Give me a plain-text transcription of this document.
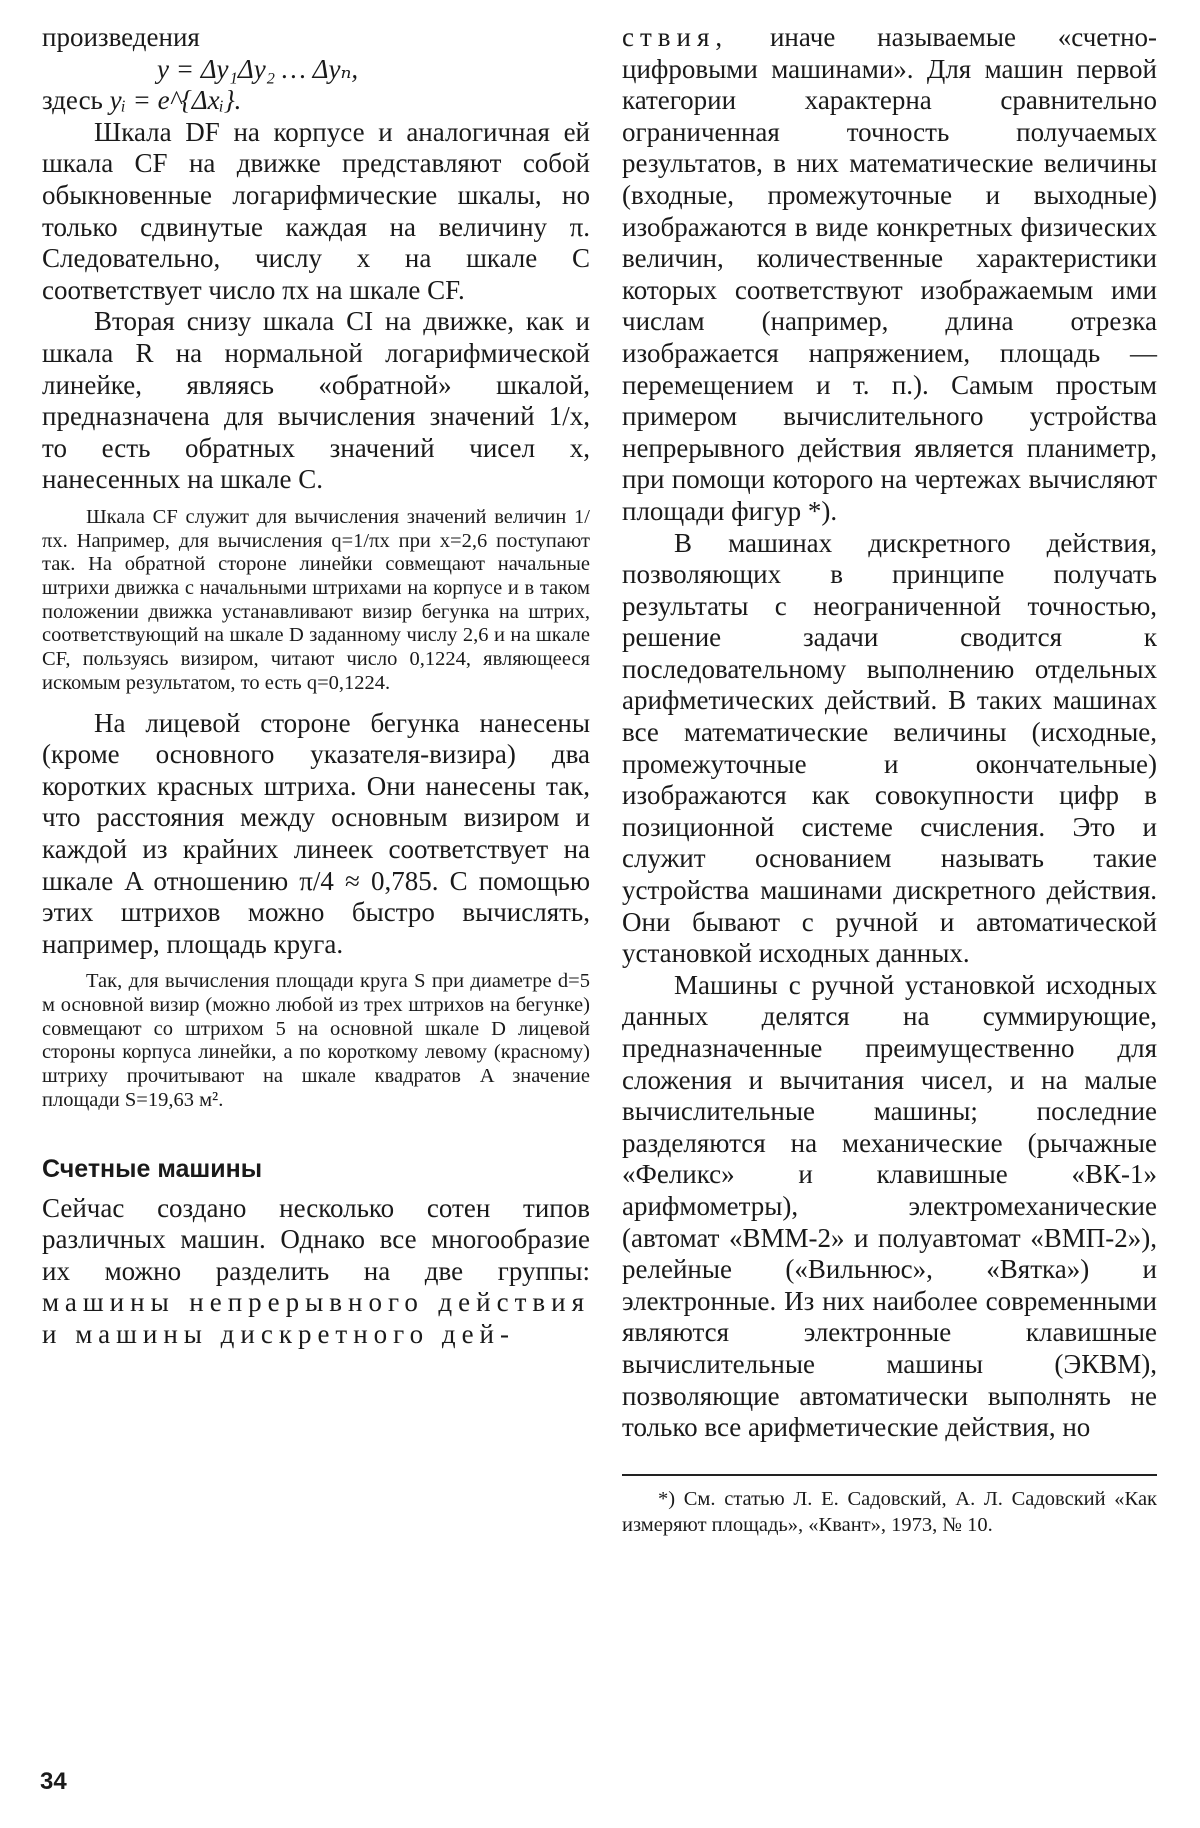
произведения

y = Δy₁Δy₂ … Δyₙ,

здесь yᵢ = e^{Δxᵢ}.

Шкала DF на корпусе и аналогичная ей шкала CF на движке представляют собой обыкновенные логарифмические шкалы, но только сдвинутые каждая на величину π. Следовательно, числу x на шкале C соответствует число πx на шкале CF.

Вторая снизу шкала CI на движке, как и шкала R на нормальной логарифмической линейке, являясь «обратной» шкалой, предназначена для вычисления значений 1/x, то есть обратных значений чисел x, нанесенных на шкале C.

Шкала CF служит для вычисления значений величин 1/πx. Например, для вычисления q=1/πx при x=2,6 поступают так. На обратной стороне линейки совмещают начальные штрихи движка с начальными штрихами на корпусе и в таком положении движка устанавливают визир бегунка на штрих, соответствующий на шкале D заданному числу 2,6 и на шкале CF, пользуясь визиром, читают число 0,1224, являющееся искомым результатом, то есть q=0,1224.

На лицевой стороне бегунка нанесены (кроме основного указателя-визира) два коротких красных штриха. Они нанесены так, что расстояния между основным визиром и каждой из крайних линеек соответствует на шкале A отношению π/4 ≈ 0,785. С помощью этих штрихов можно быстро вычислять, например, площадь круга.

Так, для вычисления площади круга S при диаметре d=5 м основной визир (можно любой из трех штрихов на бегунке) совмещают со штрихом 5 на основной шкале D лицевой стороны корпуса линейки, а по короткому левому (красному) штриху прочитывают на шкале квадратов A значение площади S=19,63 м².

Счетные машины

Сейчас создано несколько сотен типов различных машин. Однако все многообразие их можно разделить на две группы: машины непрерывного действия и машины дискретного дей-

ствия, иначе называемые «счетно-цифровыми машинами». Для машин первой категории характерна сравнительно ограниченная точность получаемых результатов, в них математические величины (входные, промежуточные и выходные) изображаются в виде конкретных физических величин, количественные характеристики которых соответствуют изображаемым ими числам (например, длина отрезка изображается напряжением, площадь — перемещением и т. п.). Самым простым примером вычислительного устройства непрерывного действия является планиметр, при помощи которого на чертежах вычисляют площади фигур *).

В машинах дискретного действия, позволяющих в принципе получать результаты с неограниченной точностью, решение задачи сводится к последовательному выполнению отдельных арифметических действий. В таких машинах все математические величины (исходные, промежуточные и окончательные) изображаются как совокупности цифр в позиционной системе счисления. Это и служит основанием называть такие устройства машинами дискретного действия. Они бывают с ручной и автоматической установкой исходных данных.

Машины с ручной установкой исходных данных делятся на суммирующие, предназначенные преимущественно для сложения и вычитания чисел, и на малые вычислительные машины; последние разделяются на механические (рычажные «Феликс» и клавишные «ВК-1» арифмометры), электромеханические (автомат «ВММ-2» и полуавтомат «ВМП-2»), релейные («Вильнюс», «Вятка») и электронные. Из них наиболее современными являются электронные клавишные вычислительные машины (ЭКВМ), позволяющие автоматически выполнять не только все арифметические действия, но

*) См. статью Л. Е. Садовский, А. Л. Садовский «Как измеряют площадь», «Квант», 1973, № 10.

34
